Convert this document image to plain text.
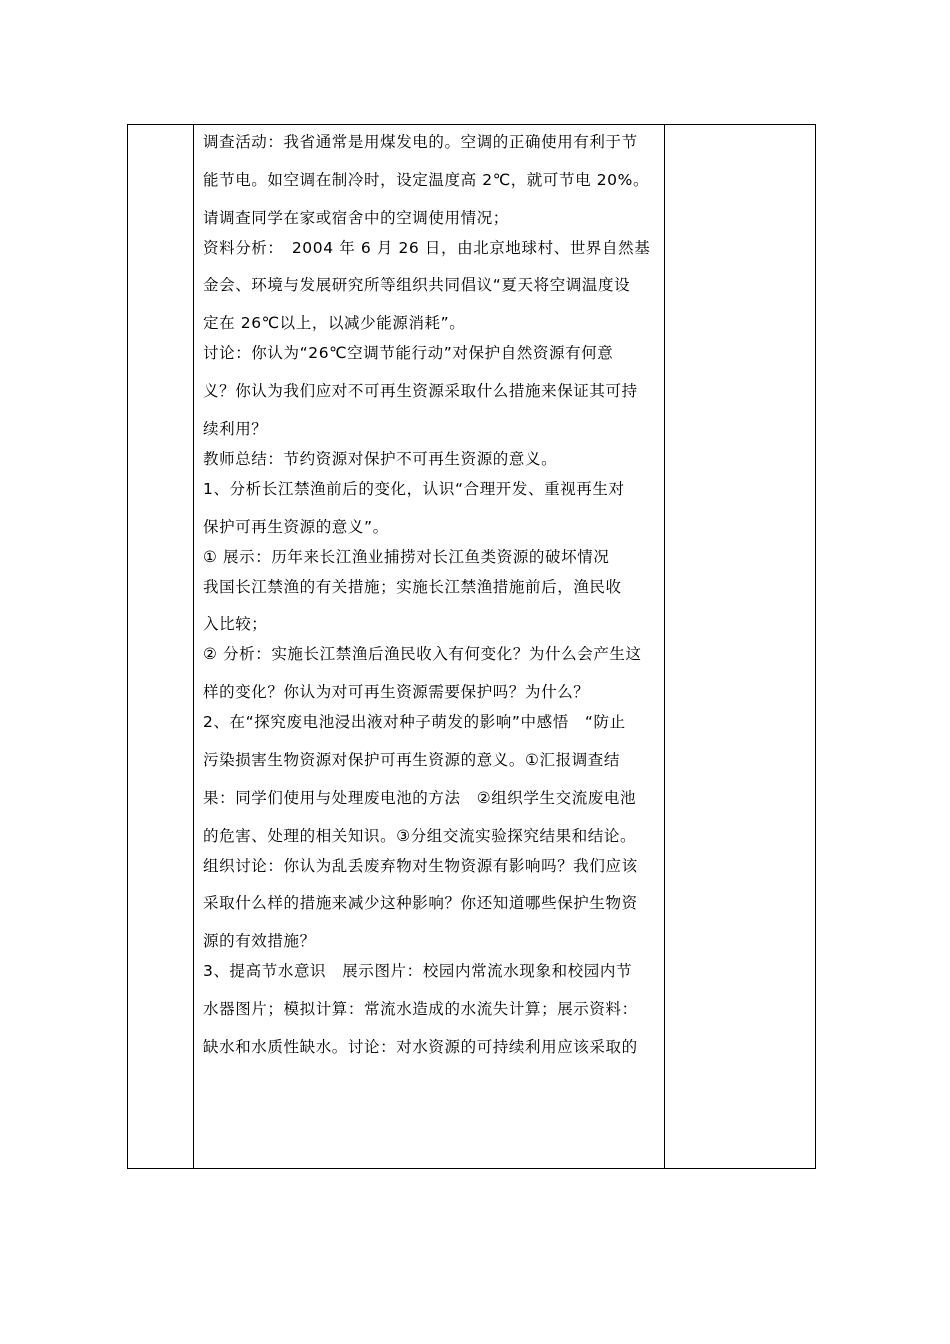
调查活动：我省通常是用煤发电的。空调的正确使用有利于节
能节电。如空调在制冷时，设定温度高 2℃，就可节电 20%。
请调查同学在家或宿舍中的空调使用情况；
资料分析：　2004 年 6 月 26 日，由北京地球村、世界自然基
金会、环境与发展研究所等组织共同倡议“夏天将空调温度设
定在 26℃以上，以减少能源消耗”。
讨论：你认为“26℃空调节能行动”对保护自然资源有何意
义？你认为我们应对不可再生资源采取什么措施来保证其可持
续利用？
教师总结：节约资源对保护不可再生资源的意义。
1、分析长江禁渔前后的变化，认识“合理开发、重视再生对
保护可再生资源的意义”。
① 展示：历年来长江渔业捕捞对长江鱼类资源的破坏情况
我国长江禁渔的有关措施；实施长江禁渔措施前后，渔民收
入比较；
② 分析：实施长江禁渔后渔民收入有何变化？为什么会产生这
样的变化？你认为对可再生资源需要保护吗？为什么？
2、在“探究废电池浸出液对种子萌发的影响”中感悟　“防止
污染损害生物资源对保护可再生资源的意义。①汇报调查结
果：同学们使用与处理废电池的方法　②组织学生交流废电池
的危害、处理的相关知识。③分组交流实验探究结果和结论。
组织讨论：你认为乱丢废弃物对生物资源有影响吗？我们应该
采取什么样的措施来减少这种影响？你还知道哪些保护生物资
源的有效措施？
3、提高节水意识　展示图片：校园内常流水现象和校园内节
水器图片；模拟计算：常流水造成的水流失计算；展示资料：
缺水和水质性缺水。讨论：对水资源的可持续利用应该采取的
